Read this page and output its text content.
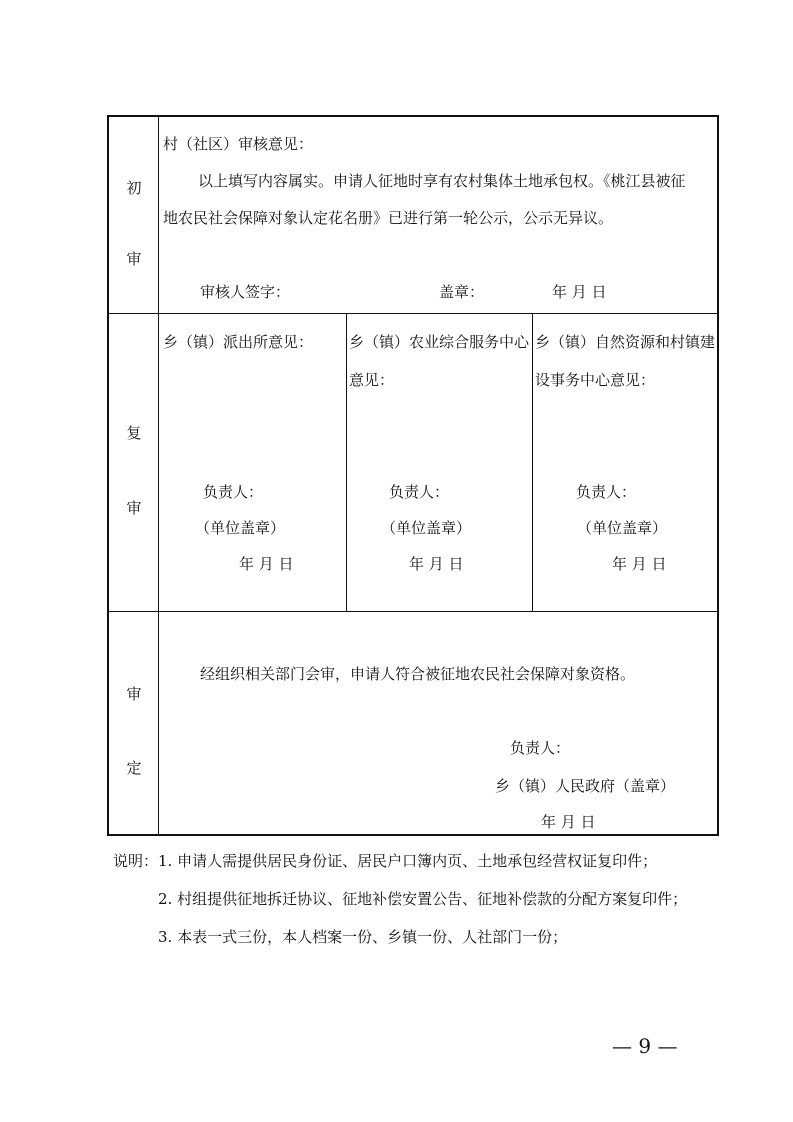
初
审
村（社区）审核意见：
以上填写内容属实。申请人征地时享有农村集体土地承包权。《桃江县被征
地农民社会保障对象认定花名册》已进行第一轮公示，公示无异议。
审核人签字：	盖章：	年 月 日
复
审
乡（镇）派出所意见：
负责人：
（单位盖章）
年 月 日
乡（镇）农业综合服务中心
意见：
负责人：
（单位盖章）
年 月 日
乡（镇）自然资源和村镇建
设事务中心意见：
负责人：
（单位盖章）
年 月 日
审
定
经组织相关部门会审，申请人符合被征地农民社会保障对象资格。
负责人：
乡（镇）人民政府（盖章）
年 月 日
说明： 1. 申请人需提供居民身份证、居民户口簿内页、土地承包经营权证复印件；
2. 村组提供征地拆迁协议、征地补偿安置公告、征地补偿款的分配方案复印件；
3. 本表一式三份，本人档案一份、乡镇一份、人社部门一份；
— 9 —
